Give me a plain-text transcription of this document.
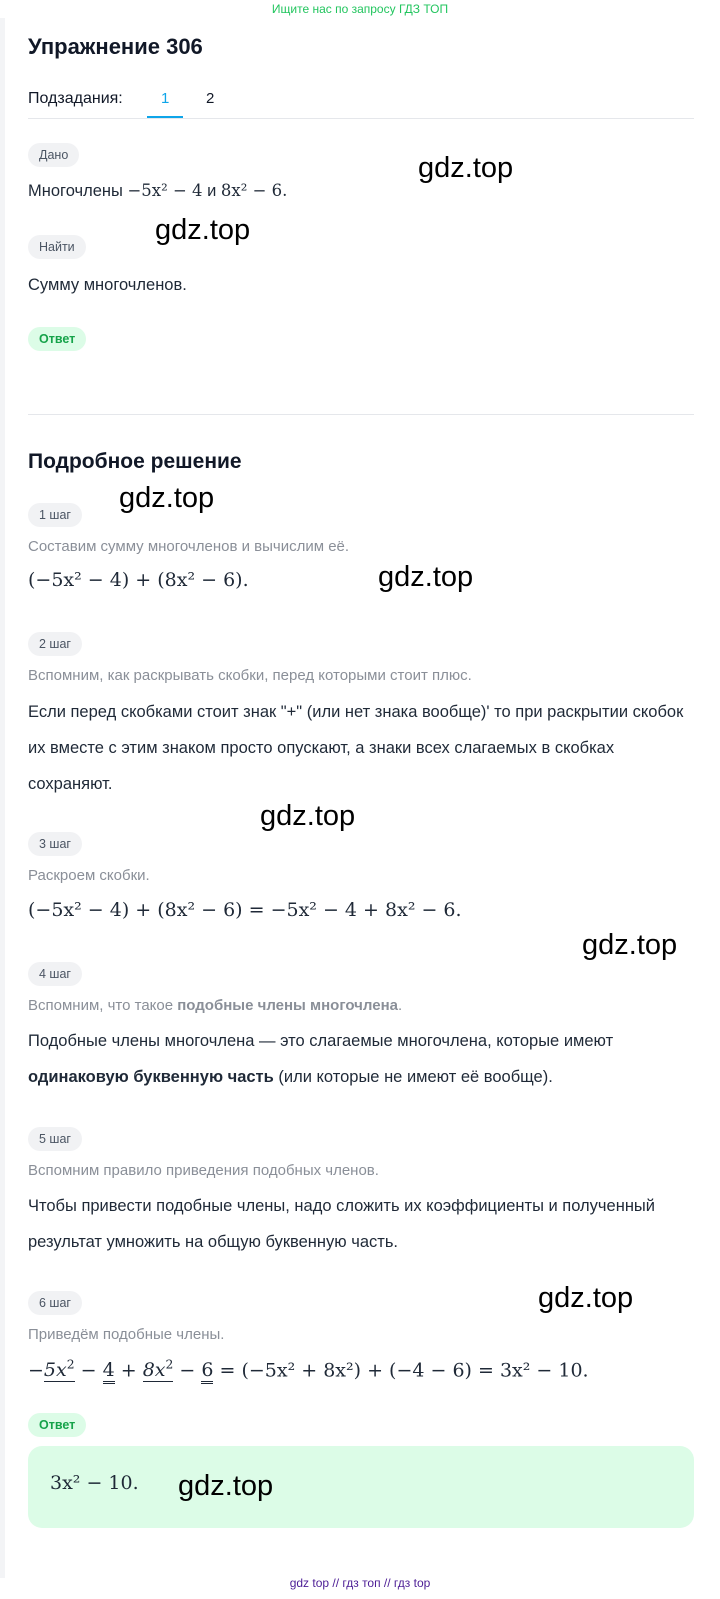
Ищите нас по запросу ГДЗ ТОП
Упражнение 306
Подзадания:	1 2
Дано
Многочлены −5x² − 4 и 8x² − 6.
Найти
Сумму многочленов.
Ответ
Подробное решение
1 шаг
Составим сумму многочленов и вычислим её.
(−5x² − 4) + (8x² − 6).
2 шаг
Вспомним, как раскрывать скобки, перед которыми стоит плюс.
Если перед скобками стоит знак "+" (или нет знака вообще)' то при раскрытии скобок их вместе с этим знаком просто опускают, а знаки всех слагаемых в скобках сохраняют.
3 шаг
Раскроем скобки.
(−5x² − 4) + (8x² − 6) = −5x² − 4 + 8x² − 6.
4 шаг
Вспомним, что такое подобные члены многочлена.
Подобные члены многочлена — это слагаемые многочлена, которые имеют одинаковую буквенную часть (или которые не имеют её вообще).
5 шаг
Вспомним правило приведения подобных членов.
Чтобы привести подобные члены, надо сложить их коэффициенты и полученный результат умножить на общую буквенную часть.
6 шаг
Приведём подобные члены.
$-5x^2 - 4 + 8x^2 - 6 = (-5x^2 + 8x^2) + (-4 - 6) = 3x^2 - 10$.
Ответ
3x² − 10.
gdz.top
gdz.top
gdz.top
gdz.top
gdz.top
gdz.top
gdz.top
gdz.top
gdz top // гдз топ // гдз top
